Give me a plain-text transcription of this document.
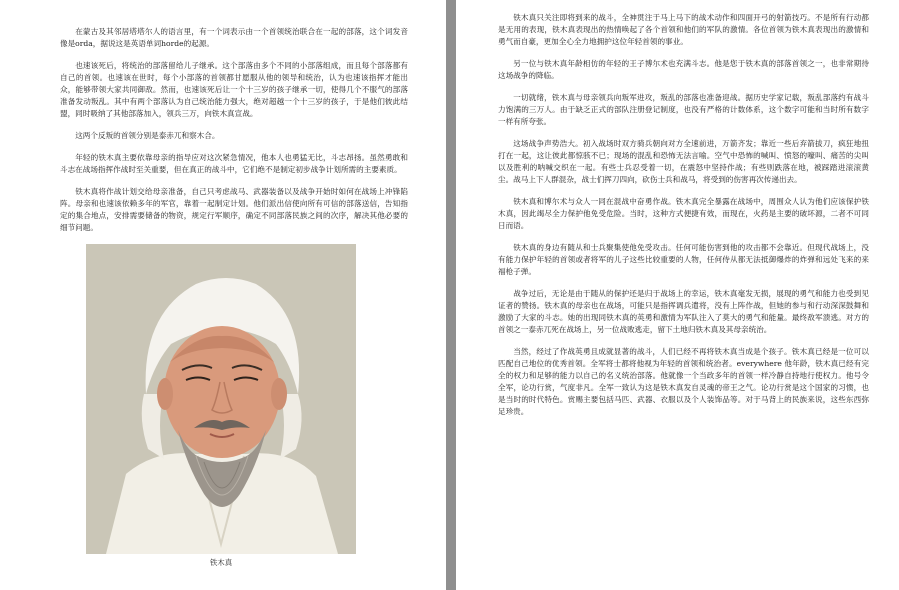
在蒙古及其邻居塔塔尔人的语言里，有一个词表示由一个首领统治联合在一起的部落，这个词发音像是orda，据说这是英语单词horde的起源。

也速该死后，将统治的部落留给儿子继承。这个部落由多个不同的小部落组成，而且每个部落都有自己的首领。也速该在世时，每个小部落的首领都甘愿服从他的领导和统治，认为也速该指挥才能出众，能够带领大家共同御敌。然而，也速该死后让一个十三岁的孩子继承一切，使得几个不服气的部落准备发动叛乱。其中有两个部落认为自己统治能力强大，绝对超越一个十三岁的孩子，于是他们彼此结盟，同时吸纳了其他部落加入，领兵三万，向铁木真宣战。

这两个反叛的首领分别是泰赤兀和察木合。

年轻的铁木真主要依靠母亲的指导应对这次紧急情况，他本人也勇猛无比，斗志昂扬。虽然勇敢和斗志在战场指挥作战时至关重要，但在真正的战斗中，它们绝不是制定初步战争计划所需的主要素质。

铁木真将作战计划交给母亲准备，自己只考虑战马、武器装备以及战争开始时如何在战场上冲锋陷阵。母亲和也速该依赖多年的军官，靠着一起制定计划。他们派出信使向所有可信的部落送信，告知指定的集合地点，安排需要储备的物资，规定行军顺序，确定不同部落民族之间的次序，解决其他必要的细节问题。

铁木真

铁木真只关注即将到来的战斗，全神贯注于马上马下的战术动作和四面开弓的射箭技巧。不是所有行动都是无用的表现，铁木真表现出的热情唤起了各个首领和他们的军队的激情。各位首领为铁木真表现出的激情和勇气而自豪，更加全心全力地拥护这位年轻首领的事业。

另一位与铁木真年龄相仿的年轻的王子博尔术也充满斗志。他是您于铁木真的部落首领之一，也非常期待这场战争的降临。

一切就绪，铁木真与母亲领兵向叛军进攻，叛乱的部落也准备迎战。据历史学家记载，叛乱部落约有战斗力饱满的三万人。由于缺乏正式的部队注册登记制度，也没有严格的计数体系，这个数字可能和当时所有数字一样有所夸张。

这场战争声势浩大。初入战场时双方骑兵朝向对方全速前进，万箭齐发；靠近一些后弃箭拔刀，疯狂地扭打在一起，这让彼此都惊骇不已；现场的混乱和恐怖无法言喻。空气中恐怖的喊叫、愤怒的嚎叫、痛苦的尖叫以及胜利的呐喊交织在一起。有些士兵忍受着一切，在震怒中坚持作战；有些则跌落在地，被踩踏进滚滚黄尘。战马上下人群混杂，战士们挥刀四向，砍伤士兵和战马，将受到的伤害再次传递出去。

铁木真和博尔术与众人一同在混战中奋勇作战。铁木真完全暴露在战场中，周围众人认为他们应该保护铁木真，因此竭尽全力保护他免受危险。当时，这种方式便捷有效，而现在，火药是主要的破坏源，二者不可同日而语。

铁木真的身边有随从和士兵聚集使他免受攻击。任何可能伤害到他的攻击都不会靠近。但现代战场上，没有能力保护年轻的首领或者将军的儿子这些比较重要的人物，任何侍从都无法抵御爆炸的炸弹和远处飞来的来福枪子弹。

战争过后，无论是由于随从的保护还是归于战场上的幸运，铁木真毫发无损，展现的勇气和能力也受到见证者的赞扬。铁木真的母亲也在战场，可能只是指挥调兵遣将，没有上阵作战，但她的参与和行动深深鼓舞和激励了大家的斗志。她的出现同铁木真的英勇和激情为军队注入了莫大的勇气和能量。最终敌军溃逃。对方的首领之一泰赤兀死在战场上，另一位战败逃走，留下土地归铁木真及其母亲统治。

当然，经过了作战英勇且成就显著的战斗，人们已经不再将铁木真当成是个孩子。铁木真已经是一位可以匹配自己地位的优秀首领。全军将士都将他视为年轻的首领和统治者。everywhere 他年龄，铁木真已经有完全的权力和足够的能力以自己的名义统治部落。他就像一个当政多年的首领一样冷静自持地行使权力。他号令全军，论功行赏，气度非凡。全军一致认为这是铁木真发自灵魂的帝王之气。论功行赏是这个国家的习惯，也是当时的时代特色。赏赐主要包括马匹、武器、衣服以及个人装饰品等。对于马背上的民族来说，这些东西弥足珍贵。
